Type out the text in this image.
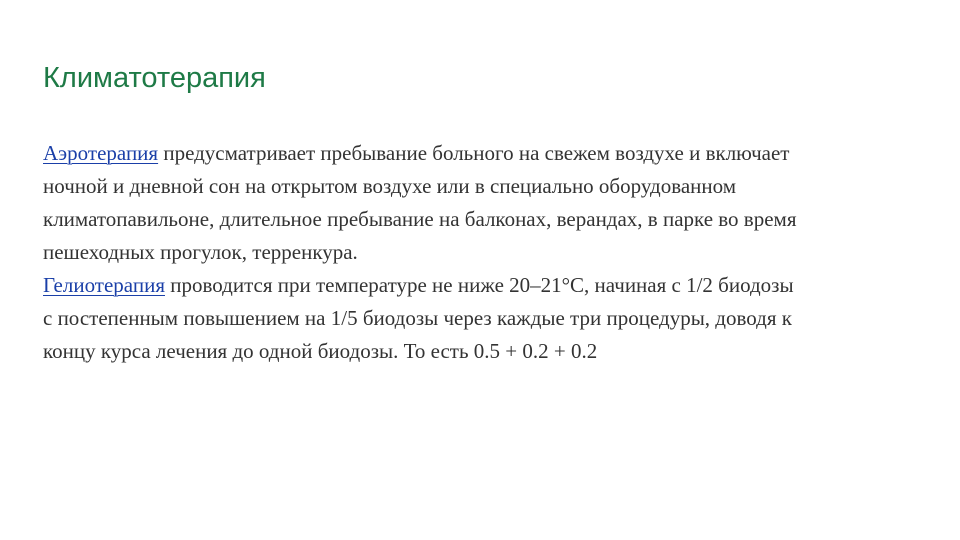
Климатотерапия
Аэротерапия предусматривает пребывание больного на свежем воздухе и включает
ночной и дневной сон на открытом воздухе или в специально оборудованном
климатопавильоне, длительное пребывание на балконах, верандах, в парке во время
пешеходных прогулок, терренкура.
Гелиотерапия проводится при температуре не ниже 20–21°С, начиная с 1/2 биодозы
с постепенным повышением на 1/5 биодозы через каждые три процедуры, доводя к
концу курса лечения до одной биодозы. То есть 0.5 + 0.2 + 0.2
